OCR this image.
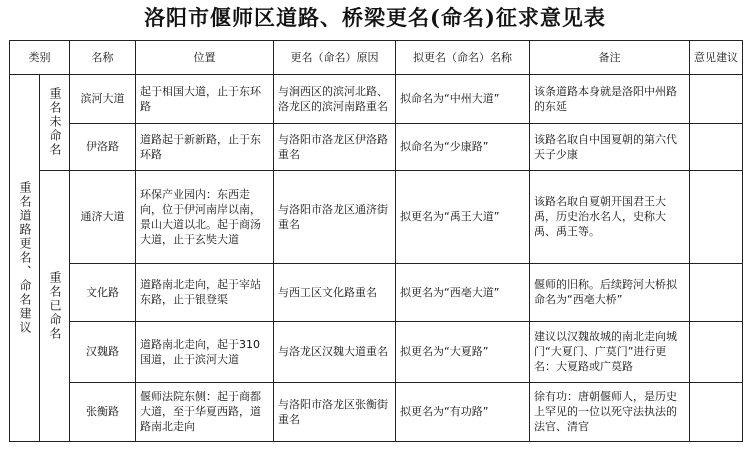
洛阳市偃师区道路、桥梁更名(命名)征求意见表
类别		名称	位置	更名（命名）原因	拟更名（命名）名称	备注	意见建议
重名道路更名、命名建议	重名未命名	滨河大道	起于相国大道，止于东环路	与涧西区的滨河北路、洛龙区的滨河南路重名	拟命名为“中州大道”	该条道路本身就是洛阳中州路的东延	
		伊洛路	道路起于新新路，止于东环路	与洛阳市洛龙区伊洛路重名	拟命名为“少康路”	该路名取自中国夏朝的第六代天子少康	
	重名已命名	通济大道	环保产业园内：东西走向，位于伊河南岸以南，景山大道以北。起于商汤大道，止于玄奘大道	与洛阳市洛龙区通济街重名	拟更名为“禹王大道”	该路名取自夏朝开国君王大禹，历史治水名人，史称大禹、禹王等。	
		文化路	道路南北走向，起于宰站东路，止于银登渠	与西工区文化路重名	拟更名为“西亳大道”	偃师的旧称。后续跨河大桥拟命名为“西亳大桥”	
		汉魏路	道路南北走向，起于310国道，止于滨河大道	与洛龙区汉魏大道重名	拟更名为“大夏路”	建议以汉魏故城的南北走向城门“大夏门、广莫门”进行更名：大夏路或广莫路	
		张衡路	偃师法院东侧：起于商都大道，至于华夏西路，道路南北走向	与洛阳市洛龙区张衡街重名	拟更名为“有功路”	徐有功：唐朝偃师人，是历史上罕见的一位以死守法执法的法官、清官	
